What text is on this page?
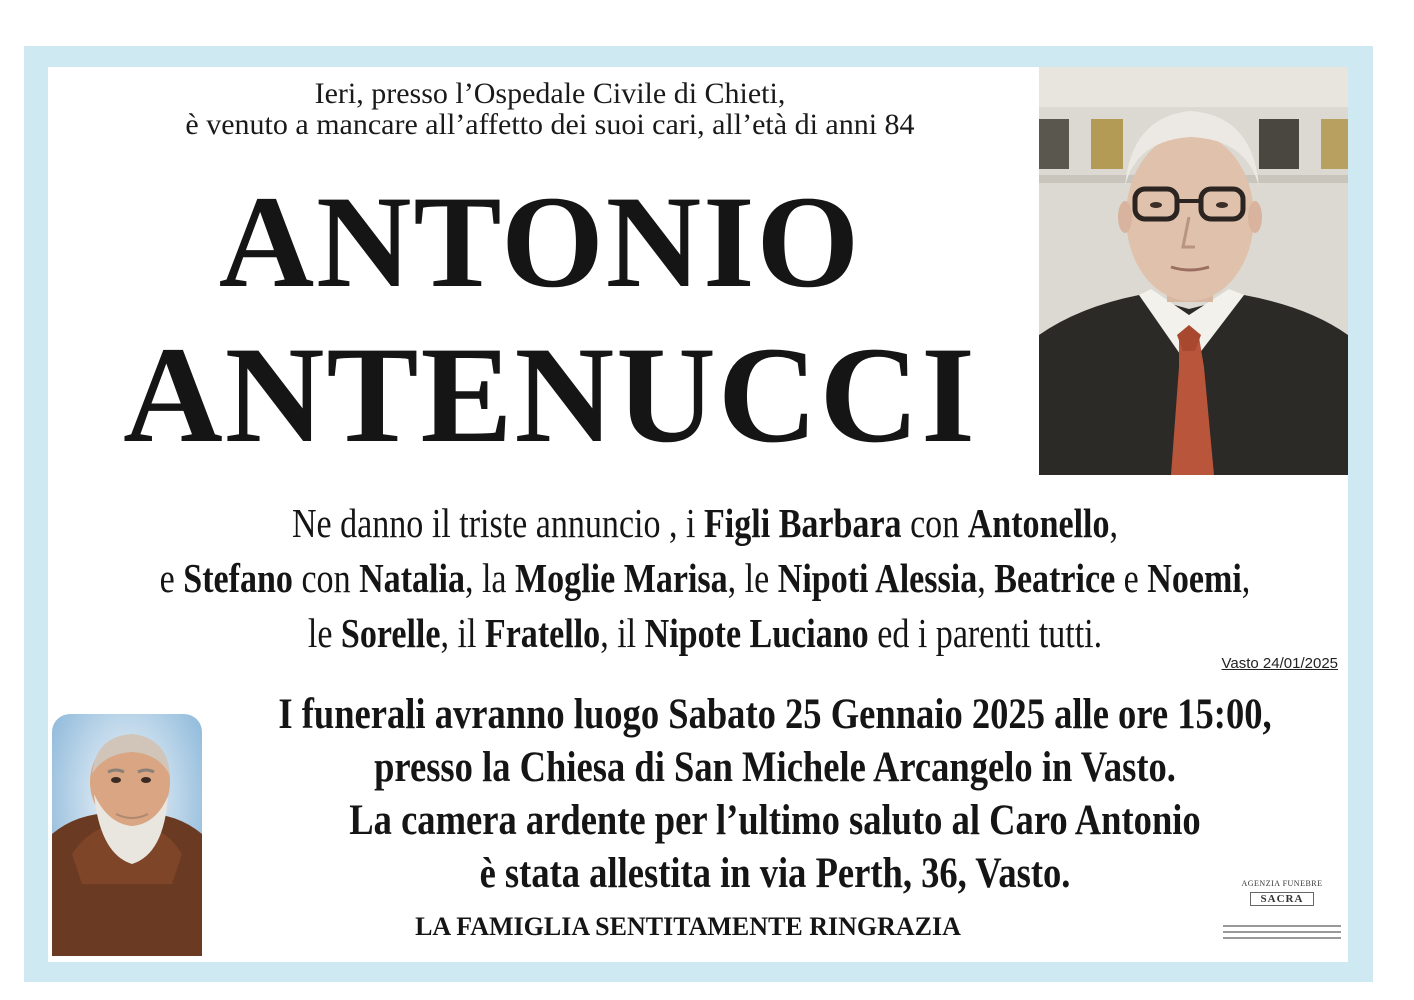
Ieri, presso l’Ospedale Civile di Chieti,
è venuto a mancare all’affetto dei suoi cari, all’età di anni 84
ANTONIO
ANTENUCCI
Ne danno il triste annuncio , i Figli Barbara con Antonello,
e Stefano con Natalia, la Moglie Marisa, le Nipoti Alessia, Beatrice e Noemi,
le Sorelle, il Fratello, il Nipote Luciano ed i parenti tutti.
Vasto 24/01/2025
I funerali avranno luogo Sabato 25 Gennaio 2025 alle ore 15:00,
presso la Chiesa di San Michele Arcangelo in Vasto.
La camera ardente per l’ultimo saluto al Caro Antonio
è stata allestita in via Perth, 36, Vasto.
LA FAMIGLIA SENTITAMENTE RINGRAZIA
AGENZIA FUNEBRE
SACRA
